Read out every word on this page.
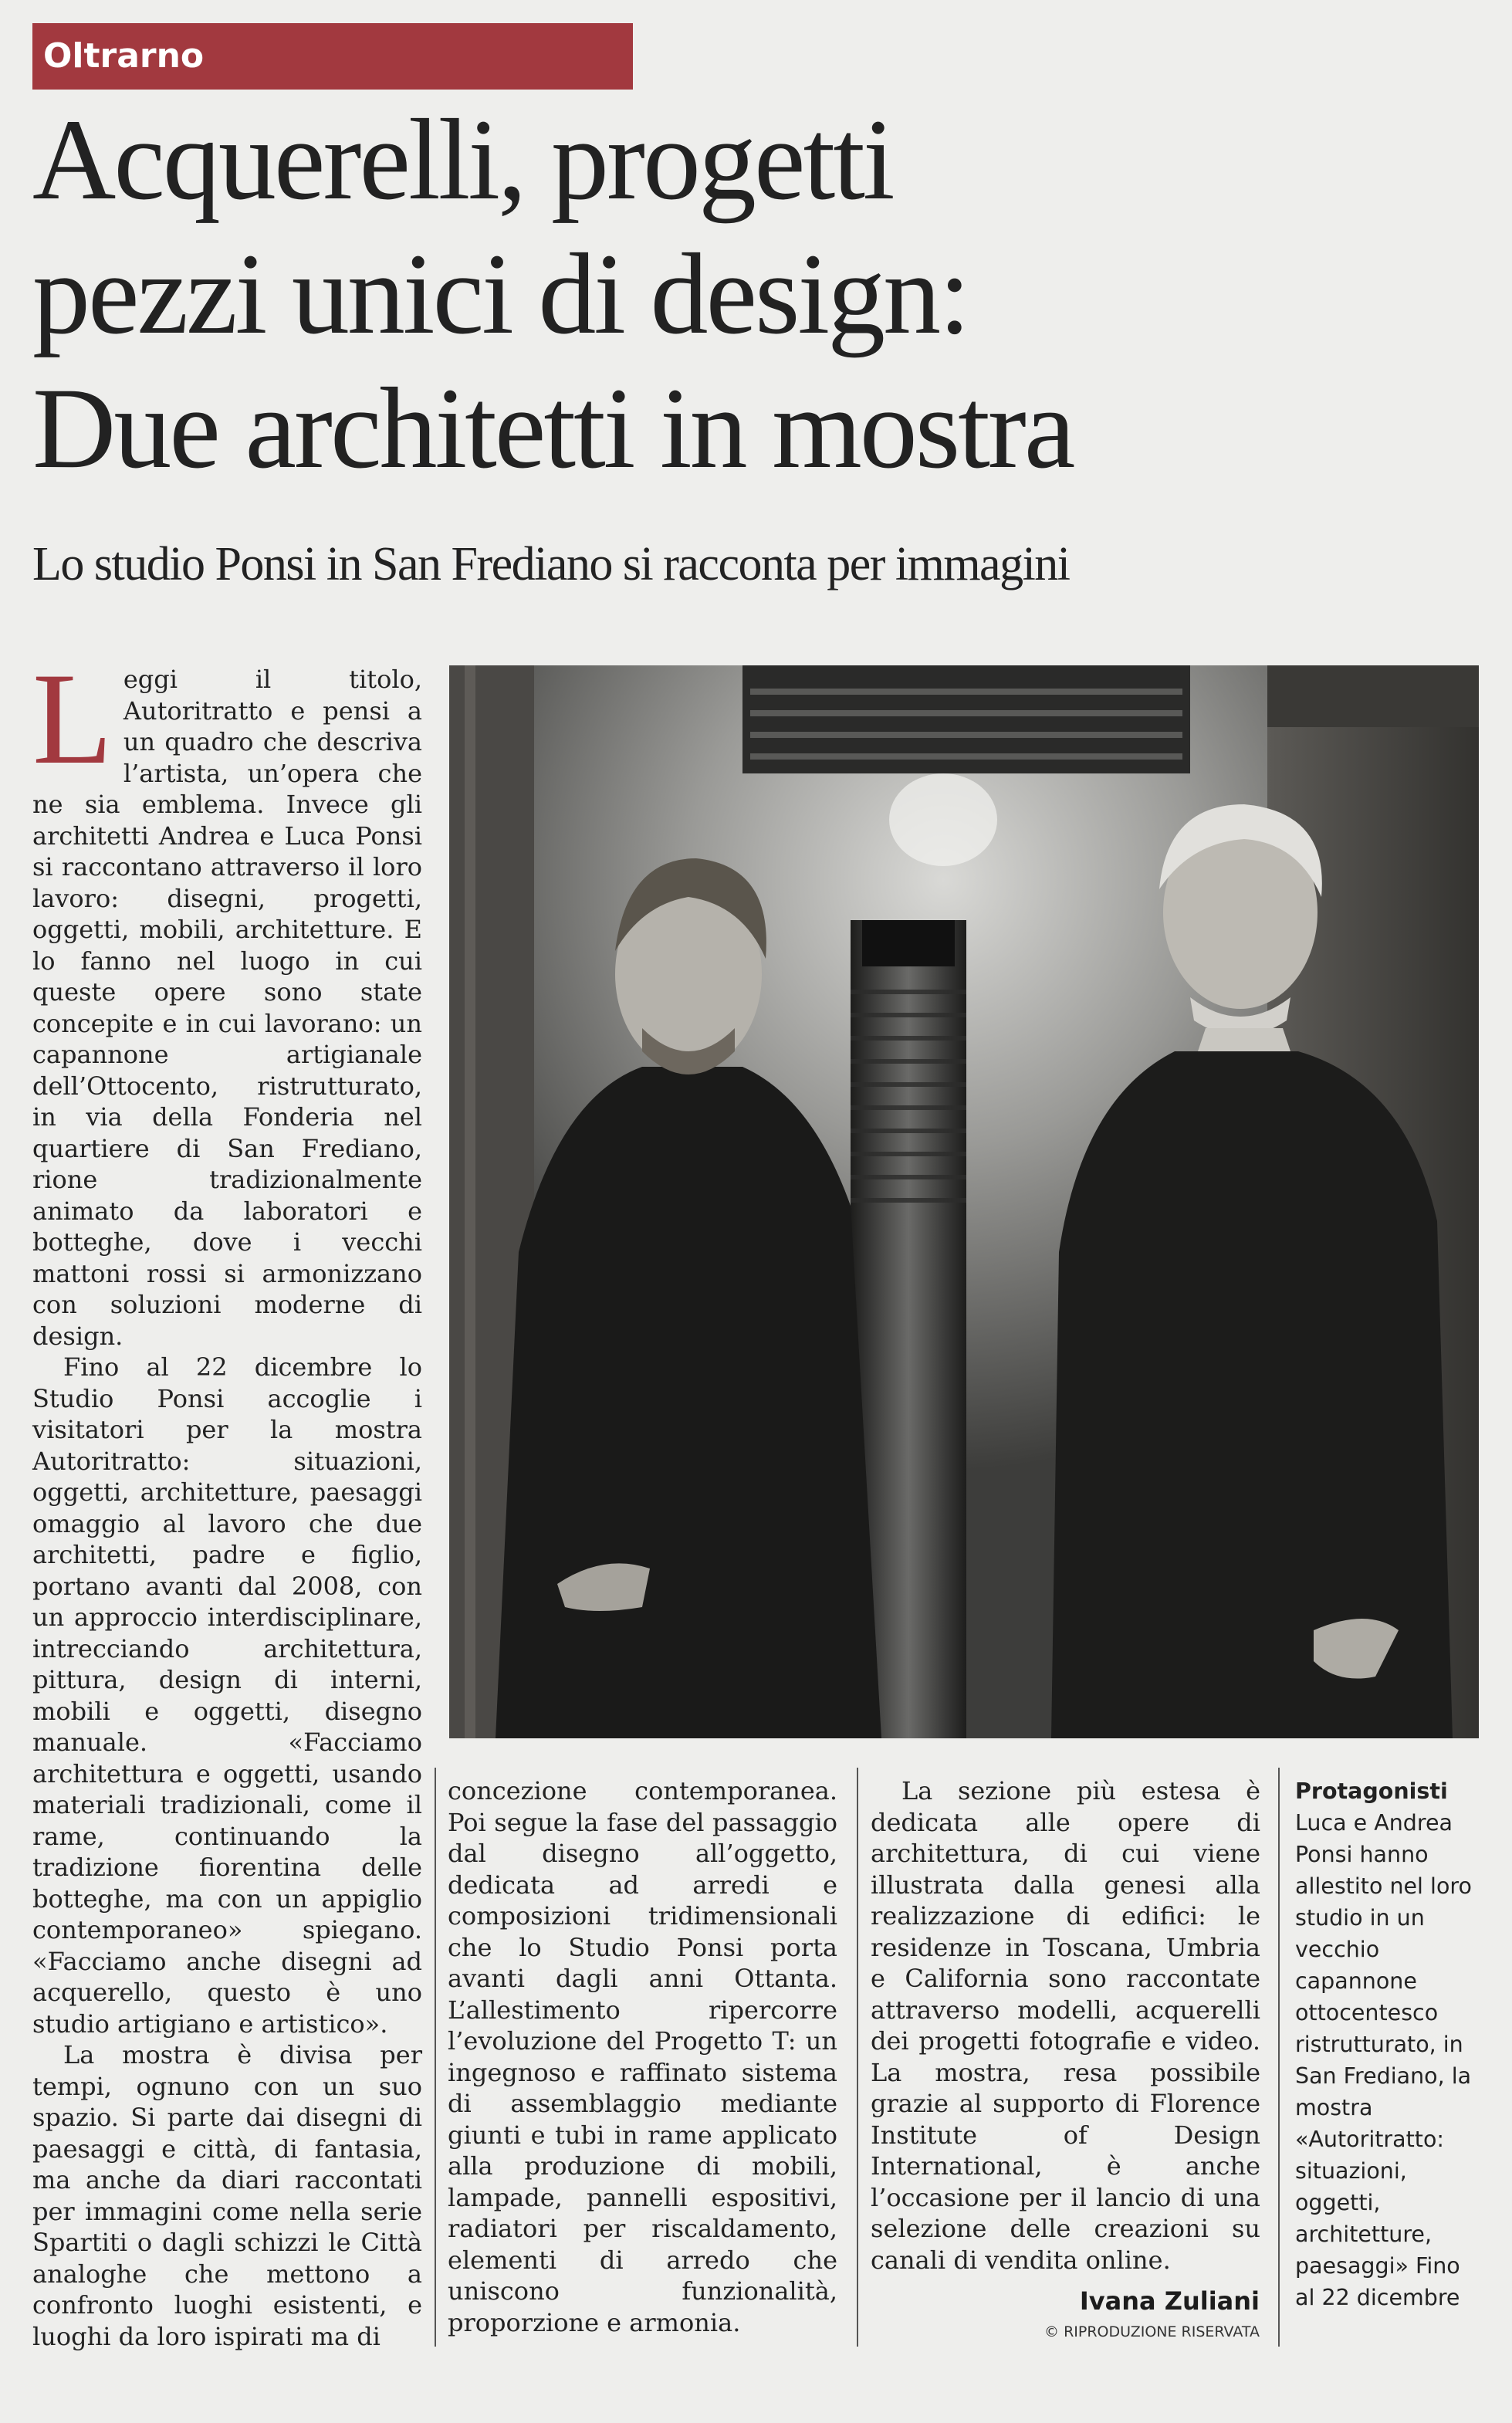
Oltrarno
Acquerelli, progetti
pezzi unici di design:
Due architetti in mostra
Lo studio Ponsi in San Frediano si racconta per immagini

Leggi il titolo, Autoritratto e pensi a un quadro che descriva l’artista, un’opera che ne sia emblema. Invece gli architetti Andrea e Luca Ponsi si raccontano attraverso il loro lavoro: disegni, progetti, oggetti, mobili, architetture. E lo fanno nel luogo in cui queste opere sono state concepite e in cui lavorano: un capannone artigianale dell’Ottocento, ristrutturato, in via della Fonderia nel quartiere di San Frediano, rione tradizionalmente animato da laboratori e botteghe, dove i vecchi mattoni rossi si armonizzano con soluzioni moderne di design.

Fino al 22 dicembre lo Studio Ponsi accoglie i visitatori per la mostra Autoritratto: situazioni, oggetti, architetture, paesaggi omaggio al lavoro che due architetti, padre e figlio, portano avanti dal 2008, con un approccio interdisciplinare, intrecciando architettura, pittura, design di interni, mobili e oggetti, disegno manuale. «Facciamo architettura e oggetti, usando materiali tradizionali, come il rame, continuando la tradizione fiorentina delle botteghe, ma con un appiglio contemporaneo» spiegano. «Facciamo anche disegni ad acquerello, questo è uno studio artigiano e artistico».

La mostra è divisa per tempi, ognuno con un suo spazio. Si parte dai disegni di paesaggi e città, di fantasia, ma anche da diari raccontati per immagini come nella serie Spartiti o dagli schizzi le Città analoghe che mettono a confronto luoghi esistenti, e luoghi da loro ispirati ma di

concezione contemporanea. Poi segue la fase del passaggio dal disegno all’oggetto, dedicata ad arredi e composizioni tridimensionali che lo Studio Ponsi porta avanti dagli anni Ottanta. L’allestimento ripercorre l’evoluzione del Progetto T: un ingegnoso e raffinato sistema di assemblaggio mediante giunti e tubi in rame applicato alla produzione di mobili, lampade, pannelli espositivi, radiatori per riscaldamento, elementi di arredo che uniscono funzionalità, proporzione e armonia.

La sezione più estesa è dedicata alle opere di architettura, di cui viene illustrata dalla genesi alla realizzazione di edifici: le residenze in Toscana, Umbria e California sono raccontate attraverso modelli, acquerelli dei progetti fotografie e video. La mostra, resa possibile grazie al supporto di Florence Institute of Design International, è anche l’occasione per il lancio di una selezione delle creazioni su canali di vendita online.

Ivana Zuliani
© RIPRODUZIONE RISERVATA
Protagonisti
Luca e Andrea Ponsi hanno allestito nel loro studio in un vecchio capannone ottocentesco ristrutturato, in San Frediano, la mostra «Autoritratto: situazioni, oggetti, architetture, paesaggi» Fino al 22 dicembre
